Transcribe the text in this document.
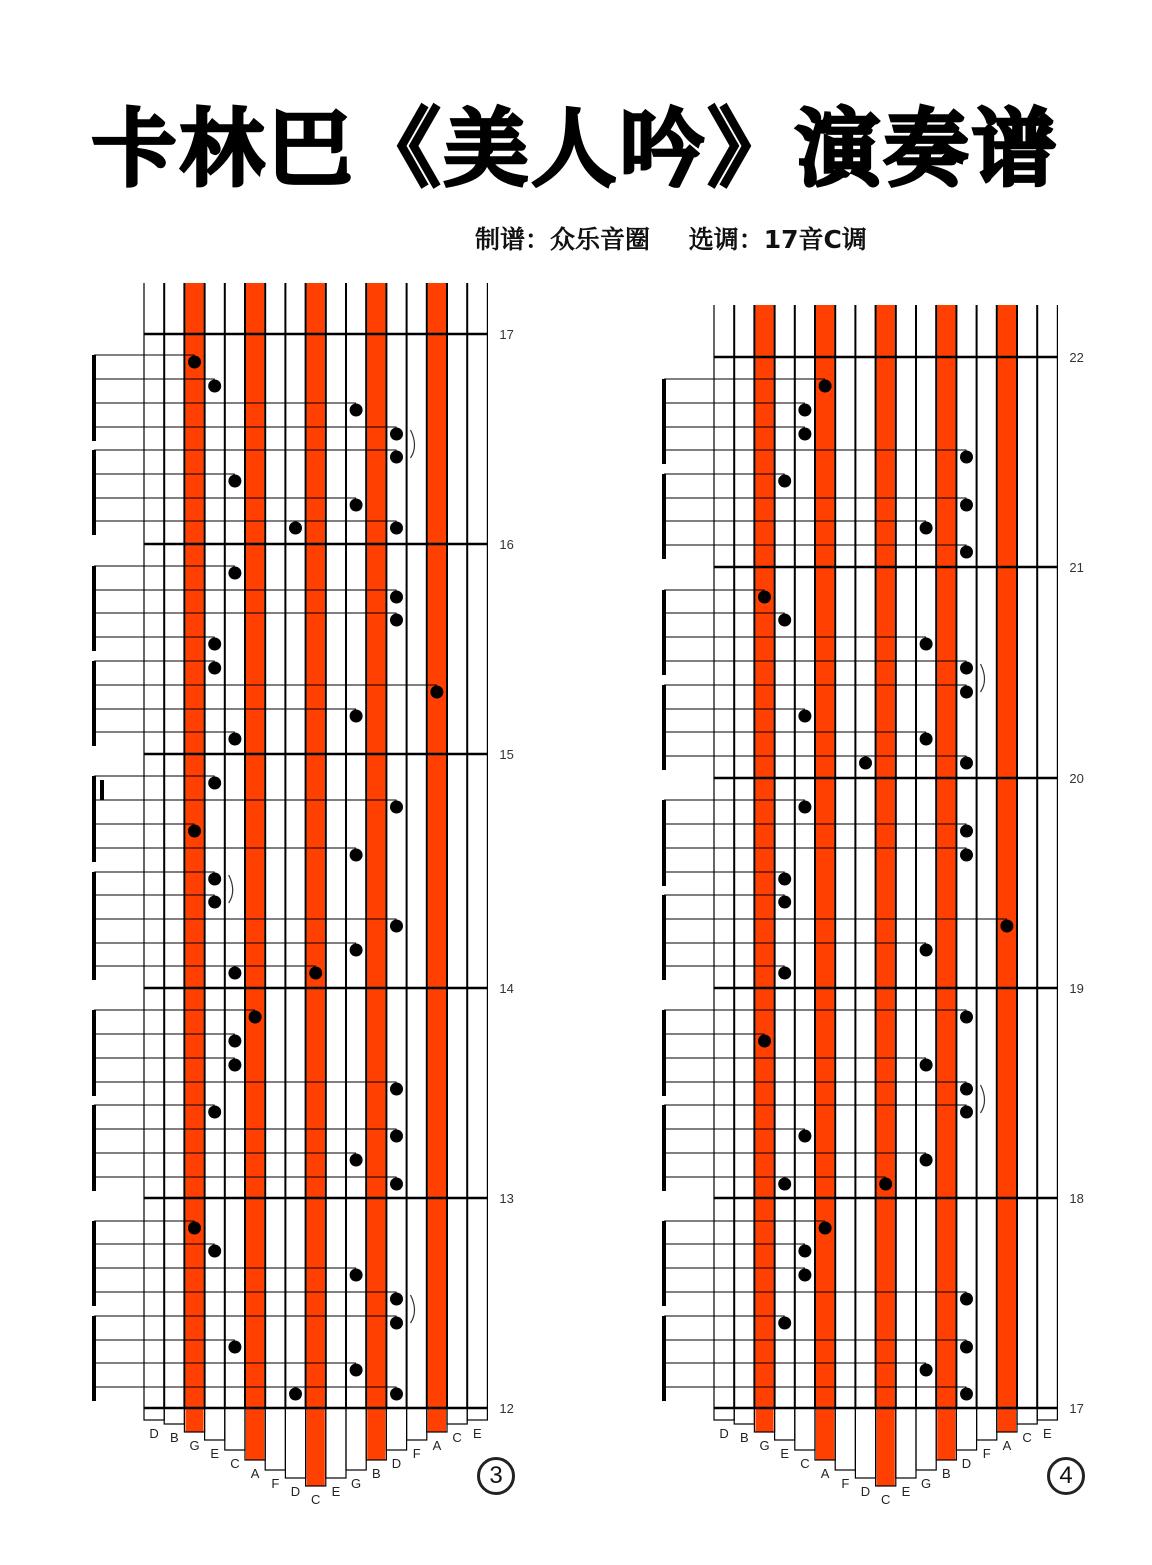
卡林巴《美人吟》演奏谱
制谱：众乐音圈 选调：17音C调
17
16
15
14
13
12
D B
G
E
C
A
F
D
C
E
G
B
D
F
A
C E
3
22
21
20
19
18
17
D B
G
E
C
A
F
D
C
E
G
B
D
F
A
C E
4
